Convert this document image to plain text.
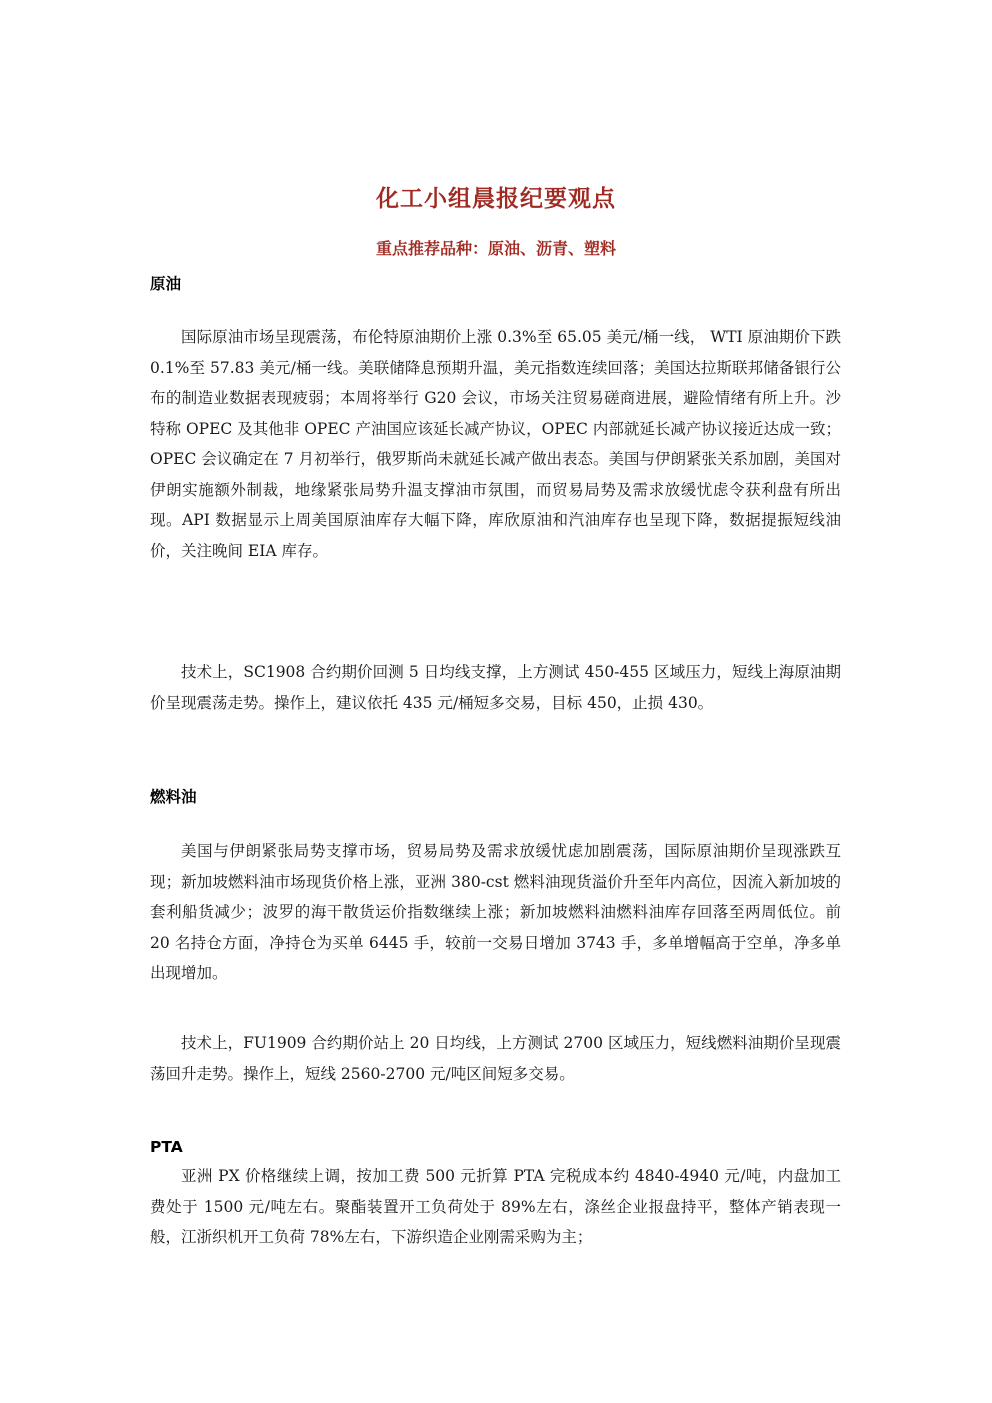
化工小组晨报纪要观点
重点推荐品种：原油、沥青、塑料
原油

国际原油市场呈现震荡，布伦特原油期价上涨 0.3%至 65.05 美元/桶一线， WTI 原油期价下跌 0.1%至 57.83 美元/桶一线。美联储降息预期升温，美元指数连续回落；美国达拉斯联邦储备银行公布的制造业数据表现疲弱；本周将举行 G20 会议，市场关注贸易磋商进展，避险情绪有所上升。沙特称 OPEC 及其他非 OPEC 产油国应该延长减产协议，OPEC 内部就延长减产协议接近达成一致；OPEC 会议确定在 7 月初举行，俄罗斯尚未就延长减产做出表态。美国与伊朗紧张关系加剧，美国对伊朗实施额外制裁，地缘紧张局势升温支撑油市氛围，而贸易局势及需求放缓忧虑令获利盘有所出现。API 数据显示上周美国原油库存大幅下降，库欣原油和汽油库存也呈现下降，数据提振短线油价，关注晚间 EIA 库存。

技术上，SC1908 合约期价回测 5 日均线支撑，上方测试 450-455 区域压力，短线上海原油期价呈现震荡走势。操作上，建议依托 435 元/桶短多交易，目标 450，止损 430。

燃料油

美国与伊朗紧张局势支撑市场，贸易局势及需求放缓忧虑加剧震荡，国际原油期价呈现涨跌互现；新加坡燃料油市场现货价格上涨，亚洲 380-cst 燃料油现货溢价升至年内高位，因流入新加坡的套利船货减少；波罗的海干散货运价指数继续上涨；新加坡燃料油燃料油库存回落至两周低位。前 20 名持仓方面，净持仓为买单 6445 手，较前一交易日增加 3743 手，多单增幅高于空单，净多单出现增加。

技术上，FU1909 合约期价站上 20 日均线，上方测试 2700 区域压力，短线燃料油期价呈现震荡回升走势。操作上，短线 2560-2700 元/吨区间短多交易。

PTA

亚洲 PX 价格继续上调，按加工费 500 元折算 PTA 完税成本约 4840-4940 元/吨，内盘加工费处于 1500 元/吨左右。聚酯装置开工负荷处于 89%左右，涤丝企业报盘持平，整体产销表现一般，江浙织机开工负荷 78%左右，下游织造企业刚需采购为主；
